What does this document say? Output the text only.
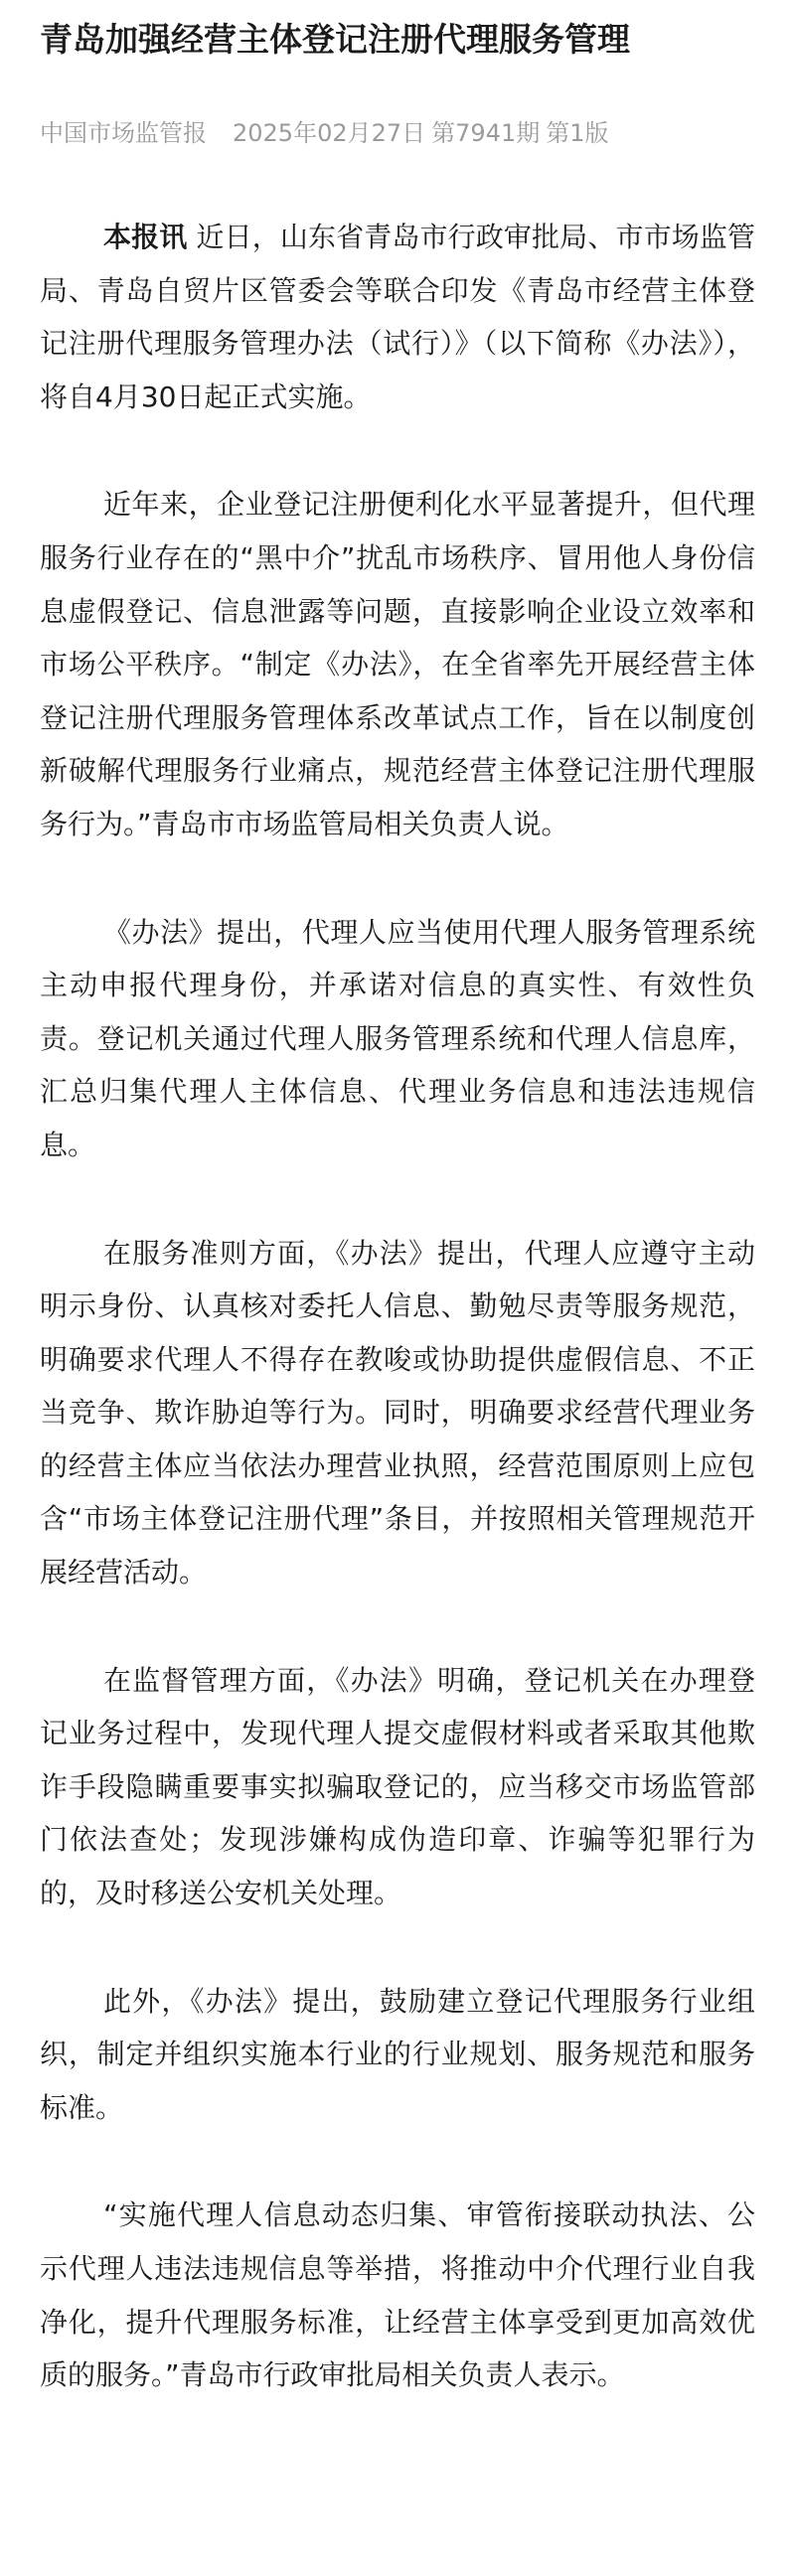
青岛加强经营主体登记注册代理服务管理
中国市场监管报 2025年02月27日 第7941期 第1版

本报讯 近日，山东省青岛市行政审批局、市市场监管局、青岛自贸片区管委会等联合印发《青岛市经营主体登记注册代理服务管理办法（试行）》（以下简称《办法》），将自4月30日起正式实施。

近年来，企业登记注册便利化水平显著提升，但代理服务行业存在的“黑中介”扰乱市场秩序、冒用他人身份信息虚假登记、信息泄露等问题，直接影响企业设立效率和市场公平秩序。“制定《办法》，在全省率先开展经营主体登记注册代理服务管理体系改革试点工作，旨在以制度创新破解代理服务行业痛点，规范经营主体登记注册代理服务行为。”青岛市市场监管局相关负责人说。

《办法》提出，代理人应当使用代理人服务管理系统主动申报代理身份，并承诺对信息的真实性、有效性负责。登记机关通过代理人服务管理系统和代理人信息库，汇总归集代理人主体信息、代理业务信息和违法违规信息。

在服务准则方面，《办法》提出，代理人应遵守主动明示身份、认真核对委托人信息、勤勉尽责等服务规范，明确要求代理人不得存在教唆或协助提供虚假信息、不正当竞争、欺诈胁迫等行为。同时，明确要求经营代理业务的经营主体应当依法办理营业执照，经营范围原则上应包含“市场主体登记注册代理”条目，并按照相关管理规范开展经营活动。

在监督管理方面，《办法》明确，登记机关在办理登记业务过程中，发现代理人提交虚假材料或者采取其他欺诈手段隐瞒重要事实拟骗取登记的，应当移交市场监管部门依法查处；发现涉嫌构成伪造印章、诈骗等犯罪行为的，及时移送公安机关处理。

此外，《办法》提出，鼓励建立登记代理服务行业组织，制定并组织实施本行业的行业规划、服务规范和服务标准。

“实施代理人信息动态归集、审管衔接联动执法、公示代理人违法违规信息等举措，将推动中介代理行业自我净化，提升代理服务标准，让经营主体享受到更加高效优质的服务。”青岛市行政审批局相关负责人表示。
